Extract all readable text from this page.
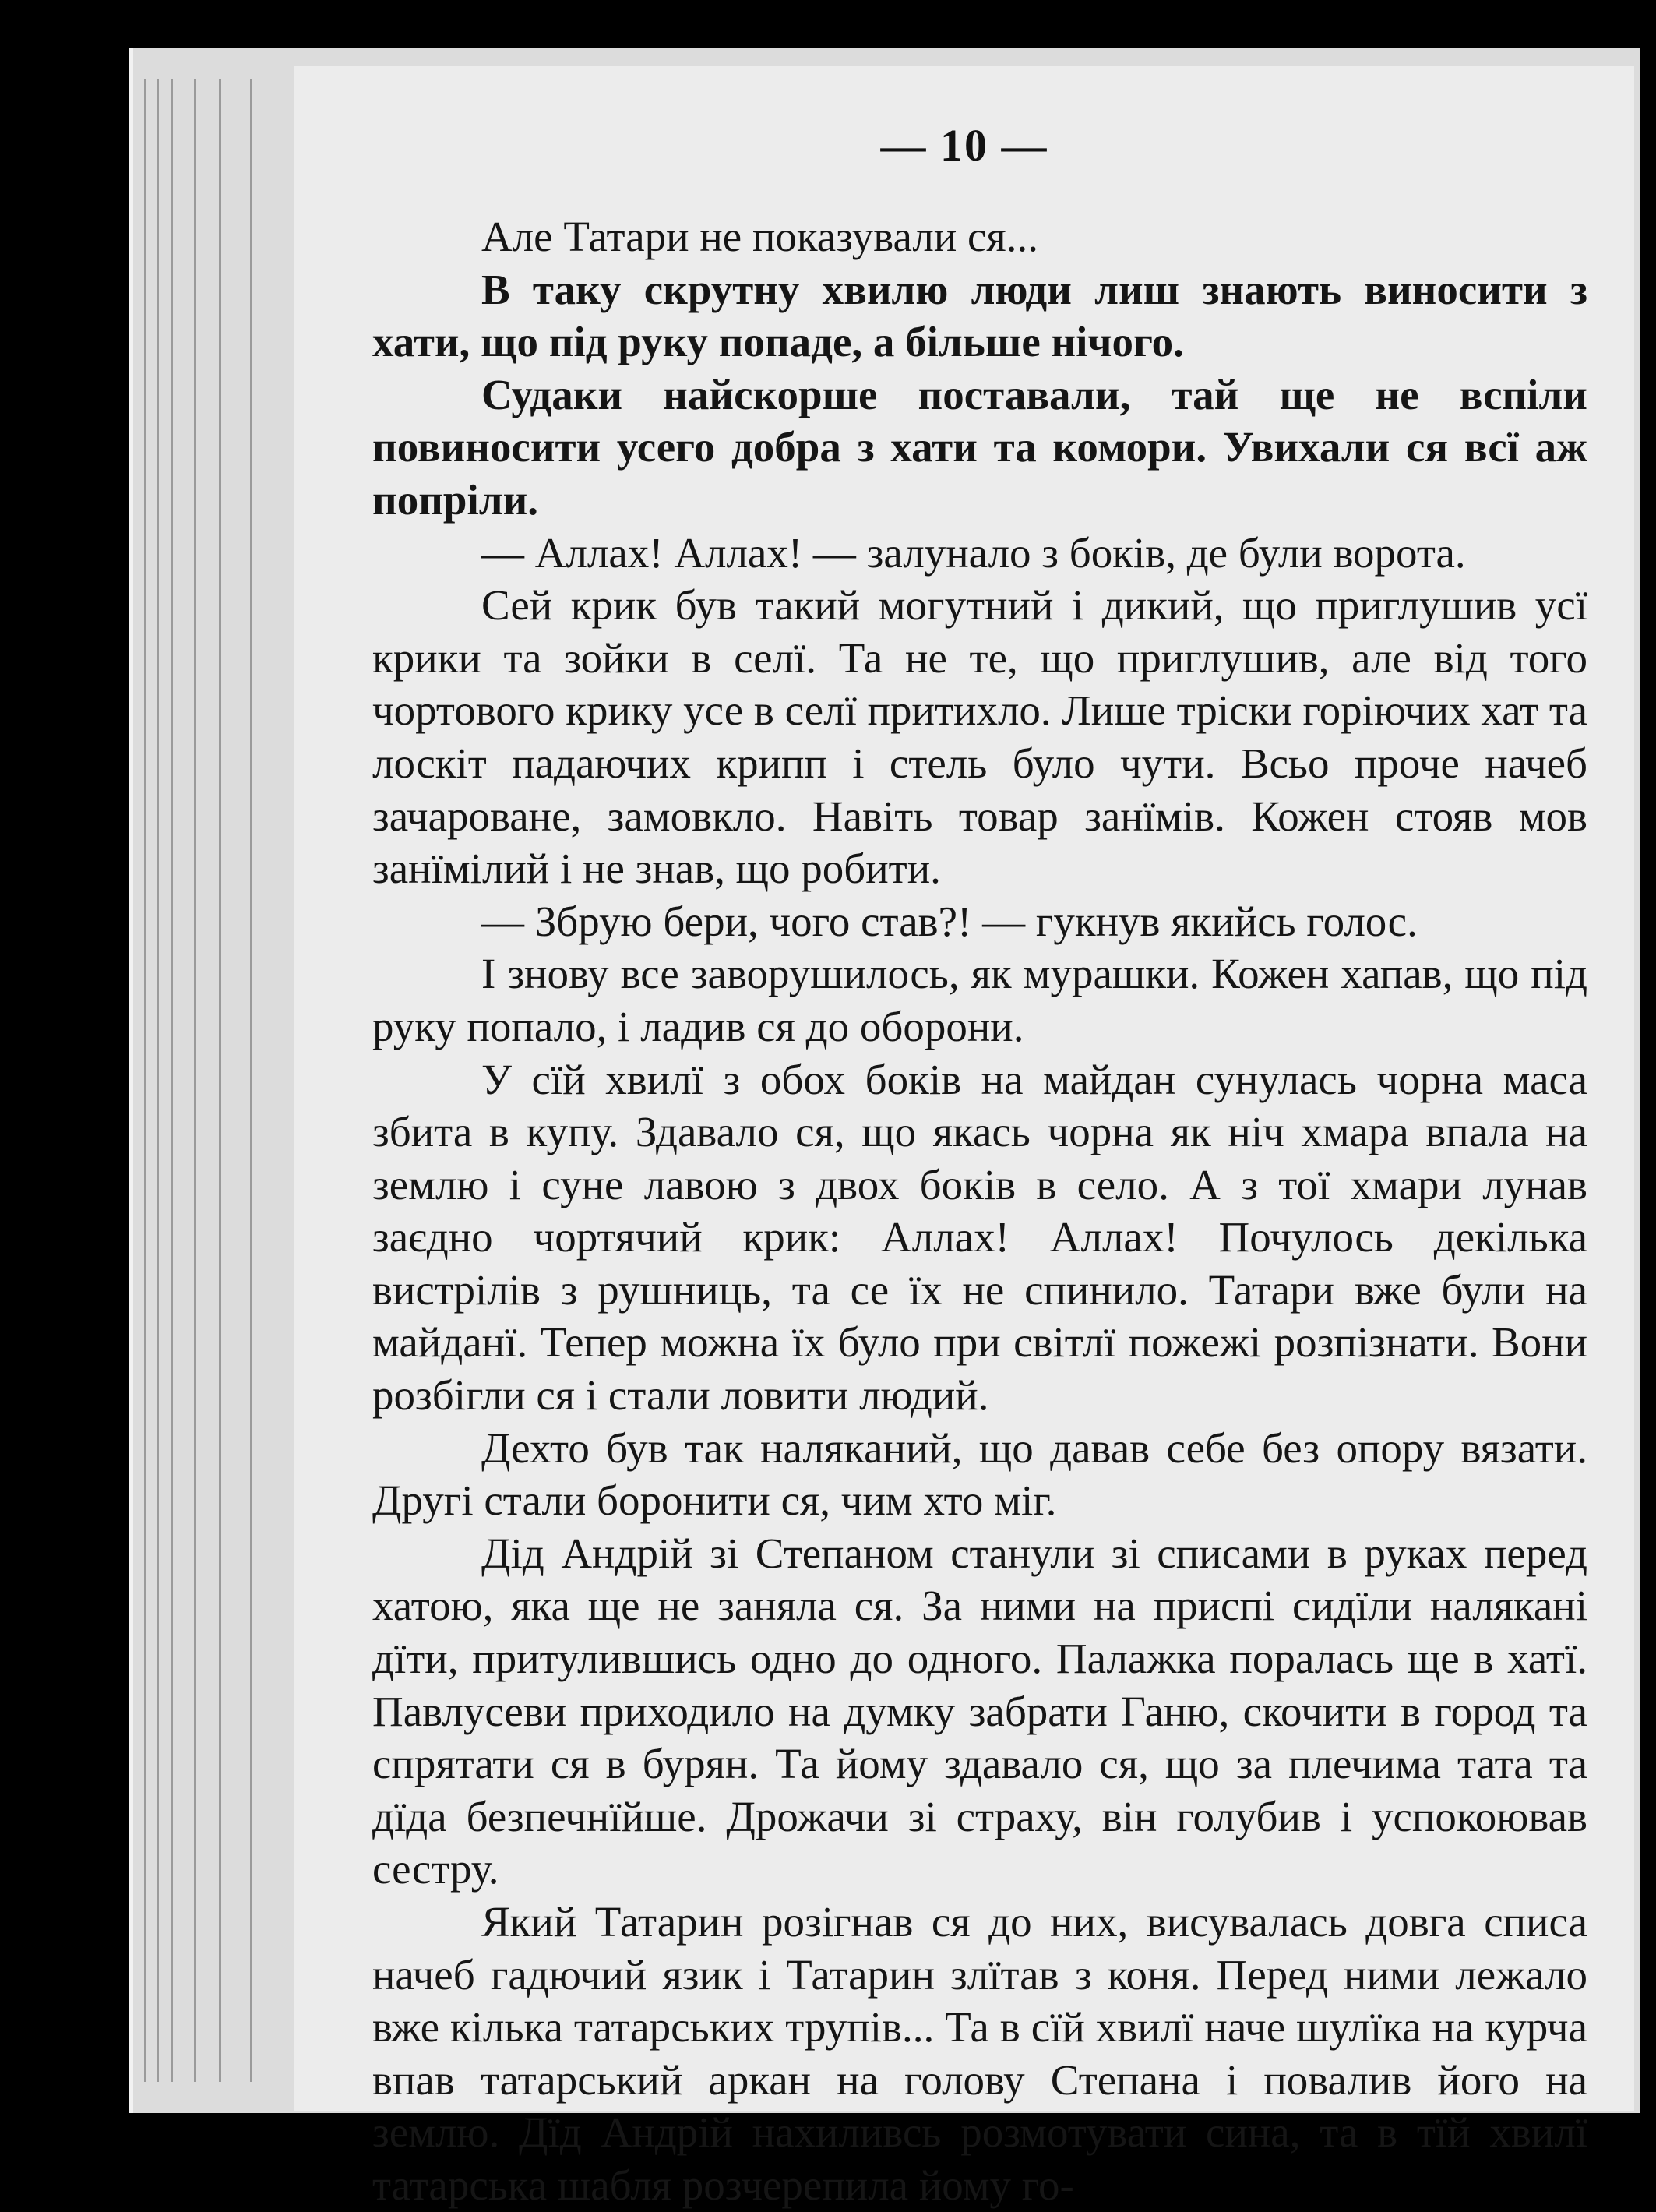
— 10 —

Але Татари не показували ся...

В таку скрутну хвилю люди лиш знають виносити з хати, що під руку попаде, а більше нічого.

Судаки найскорше поставали, тай ще не вспіли повиносити усего добра з хати та комори. Увихали ся всї аж попріли.

— Аллах! Аллах! — залунало з боків, де були ворота.

Сей крик був такий могутний і дикий, що приглушив усї крики та зойки в селї. Та не те, що приглушив, але від того чортового крику усе в селї притихло. Лише тріски горіючих хат та лоскіт падаючих крипп і стель було чути. Всьо проче начеб зачароване, замовкло. Навіть товар занїмів. Кожен стояв мов занїмілий і не знав, що робити.

— Збрую бери, чого став?! — гукнув якийсь голос.

І знову все заворушилось, як мурашки. Кожен хапав, що під руку попало, і ладив ся до оборони.

У сїй хвилї з обох боків на майдан сунулась чорна маса збита в купу. Здавало ся, що якась чорна як ніч хмара впала на землю і суне лавою з двох боків в село. А з тої хмари лунав заєдно чортячий крик: Аллах! Аллах! Почулось декілька вистрілів з рушниць, та се їх не спинило. Татари вже були на майданї. Тепер можна їх було при світлї пожежі розпізнати. Вони розбігли ся і стали ловити людий.

Дехто був так наляканий, що давав себе без опору вязати. Другі стали боронити ся, чим хто міг.

Дід Андрій зі Степаном станули зі списами в руках перед хатою, яка ще не заняла ся. За ними на приспі сидїли налякані дїти, притулившись одно до одного. Палажка поралась ще в хатї. Павлусеви приходило на думку забрати Ганю, скочити в город та спрятати ся в бурян. Та йому здавало ся, що за плечима тата та дїда безпечнїйше. Дрожачи зі страху, він голубив і успокоював сестру.

Який Татарин розігнав ся до них, висувалась довга списа начеб гадючий язик і Татарин злїтав з коня. Перед ними лежало вже кілька татарських трупів... Та в сїй хвилї наче шулїка на курча впав татарський аркан на голову Степана і повалив його на землю. Дїд Андрій нахиливсь розмотувати сина, та в тїй хвилї татарська шабля розчерепила йому го-
